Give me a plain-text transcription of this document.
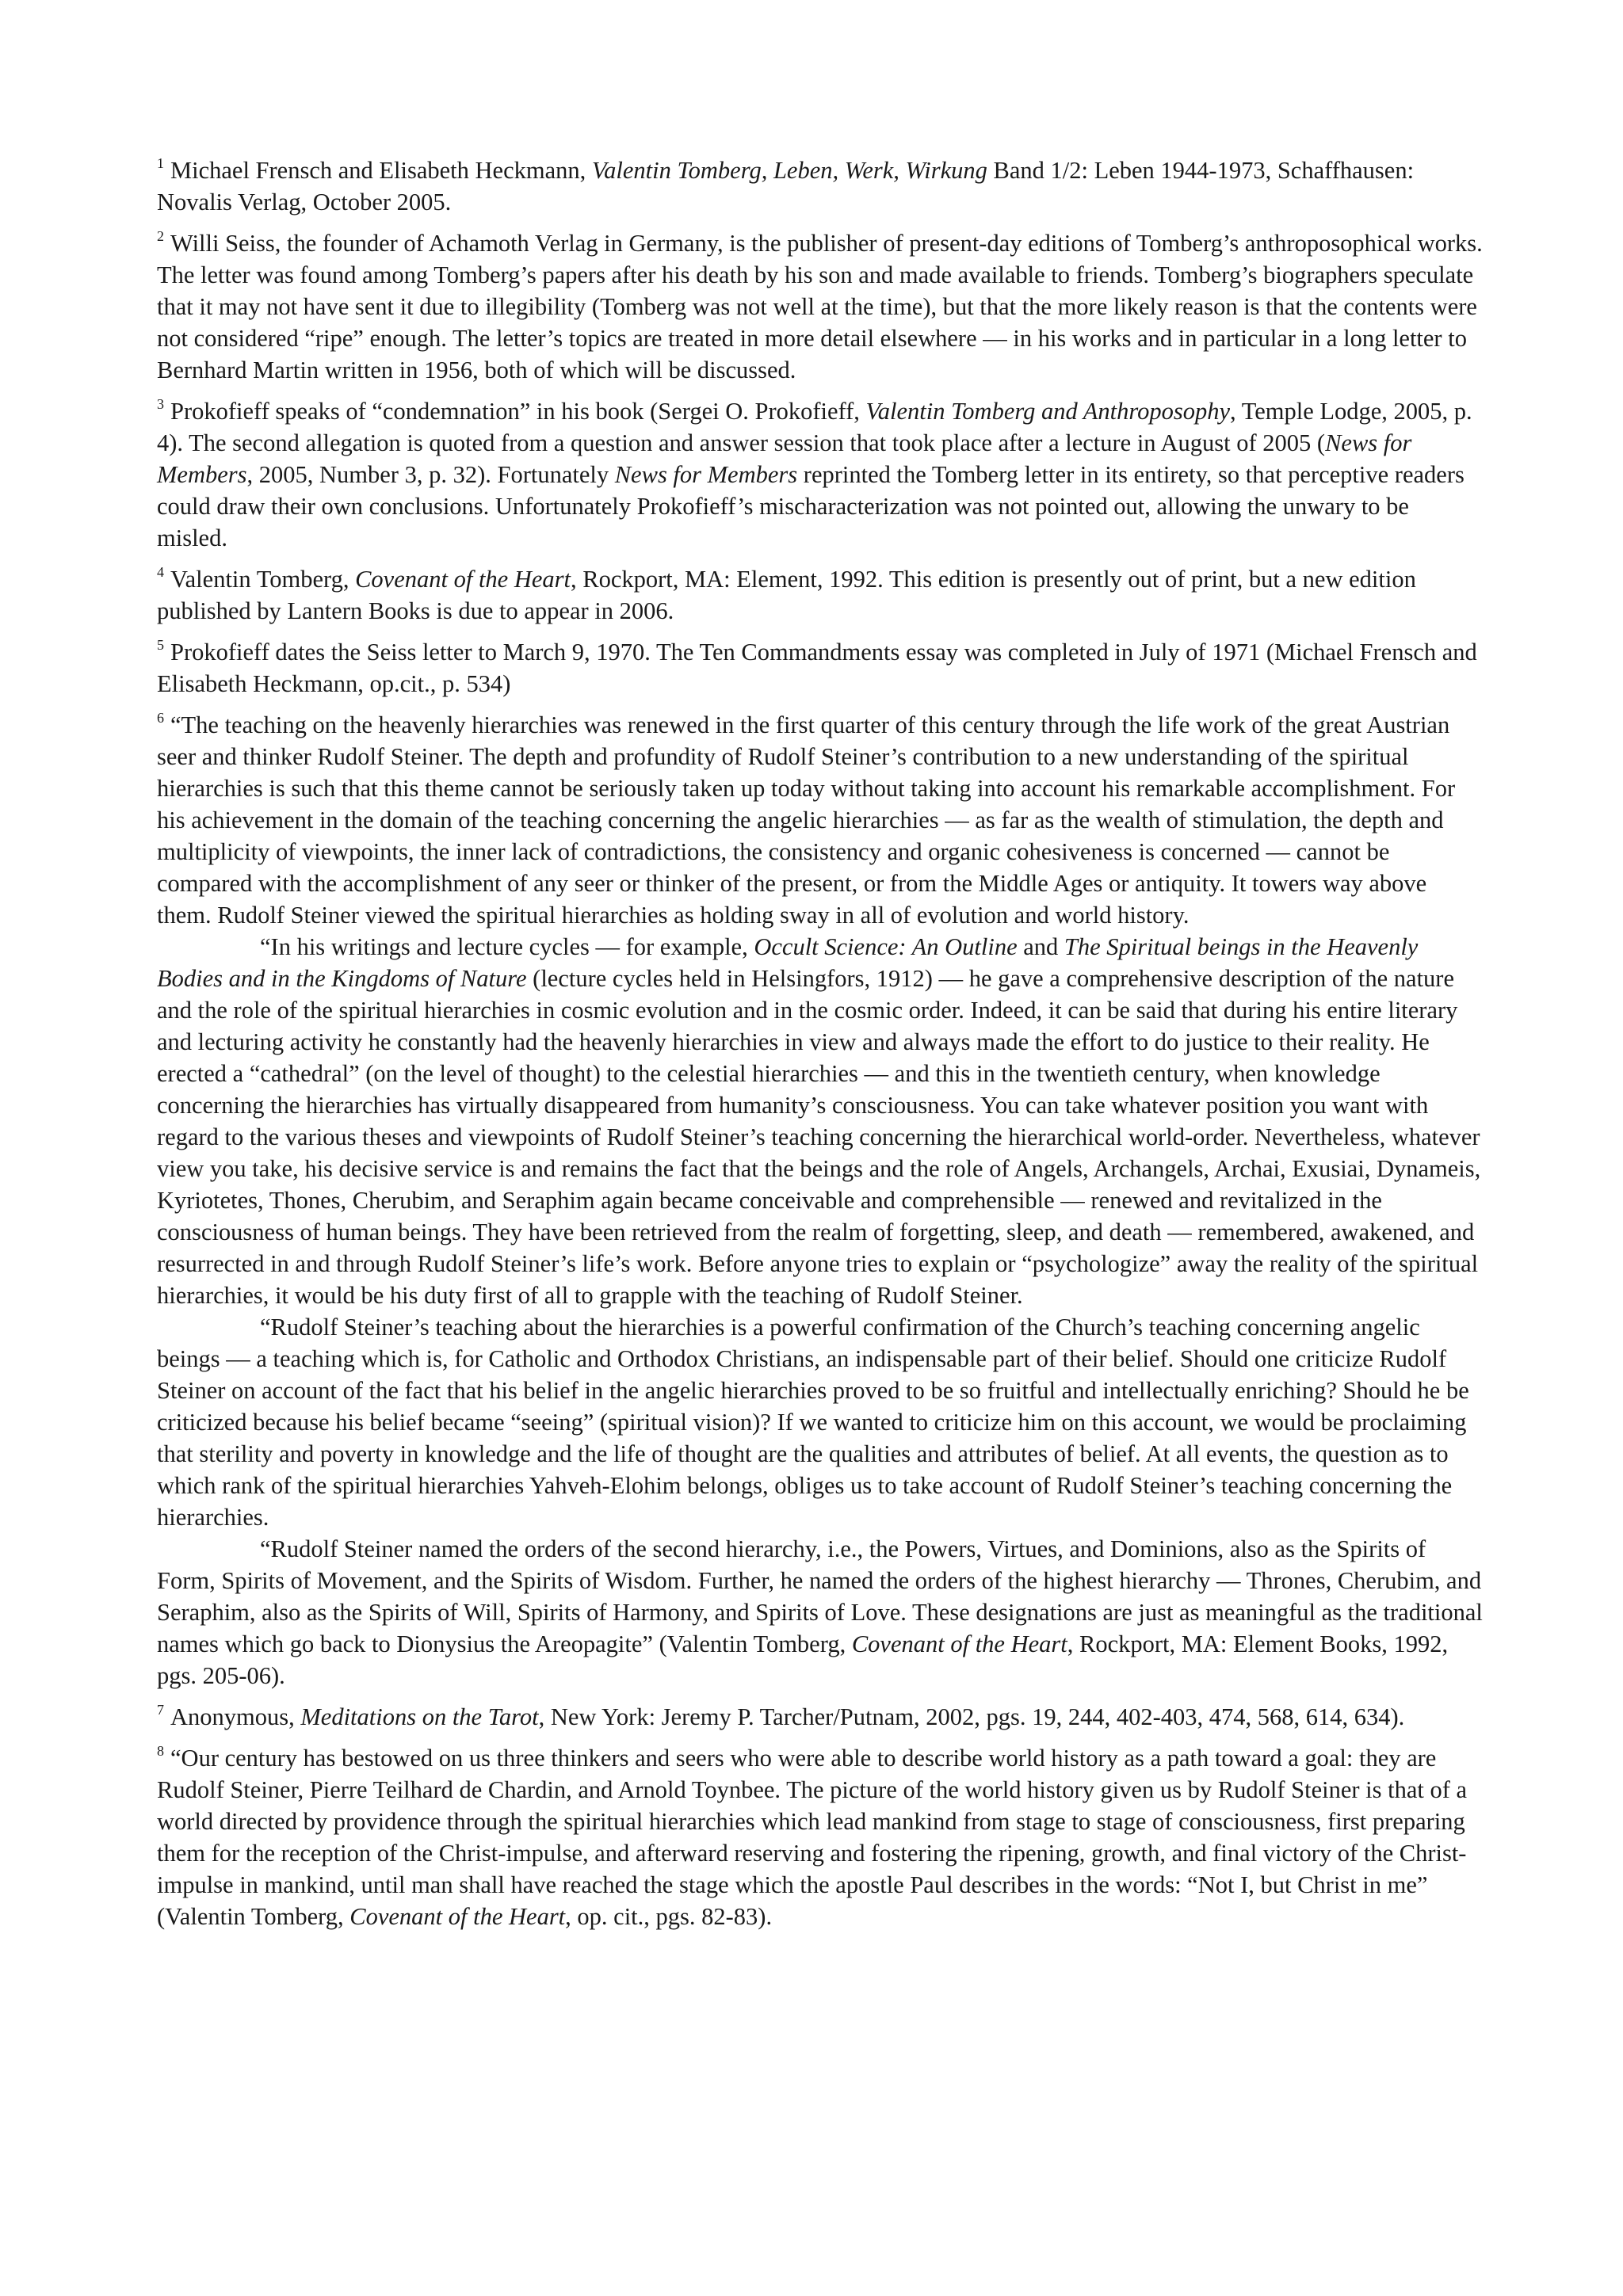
$^1$ Michael Frensch and Elisabeth Heckmann, Valentin Tomberg, Leben, Werk, Wirkung Band 1/2: Leben 1944-1973, Schaffhausen: Novalis Verlag, October 2005.

$^2$ Willi Seiss, the founder of Achamoth Verlag in Germany, is the publisher of present-day editions of Tomberg’s anthroposophical works. The letter was found among Tomberg’s papers after his death by his son and made available to friends. Tomberg’s biographers speculate that it may not have sent it due to illegibility (Tomberg was not well at the time), but that the more likely reason is that the contents were not considered “ripe” enough. The letter’s topics are treated in more detail elsewhere — in his works and in particular in a long letter to Bernhard Martin written in 1956, both of which will be discussed.

$^3$ Prokofieff speaks of “condemnation” in his book (Sergei O. Prokofieff, Valentin Tomberg and Anthroposophy, Temple Lodge, 2005, p. 4). The second allegation is quoted from a question and answer session that took place after a lecture in August of 2005 (News for Members, 2005, Number 3, p. 32). Fortunately News for Members reprinted the Tomberg letter in its entirety, so that perceptive readers could draw their own conclusions. Unfortunately Prokofieff’s mischaracterization was not pointed out, allowing the unwary to be misled.

$^4$ Valentin Tomberg, Covenant of the Heart, Rockport, MA: Element, 1992. This edition is presently out of print, but a new edition published by Lantern Books is due to appear in 2006.

$^5$ Prokofieff dates the Seiss letter to March 9, 1970. The Ten Commandments essay was completed in July of 1971 (Michael Frensch and Elisabeth Heckmann, op.cit., p. 534)

$^6$ “The teaching on the heavenly hierarchies was renewed in the first quarter of this century through the life work of the great Austrian seer and thinker Rudolf Steiner. The depth and profundity of Rudolf Steiner’s contribution to a new understanding of the spiritual hierarchies is such that this theme cannot be seriously taken up today without taking into account his remarkable accomplishment. For his achievement in the domain of the teaching concerning the angelic hierarchies — as far as the wealth of stimulation, the depth and multiplicity of viewpoints, the inner lack of contradictions, the consistency and organic cohesiveness is concerned — cannot be compared with the accomplishment of any seer or thinker of the present, or from the Middle Ages or antiquity. It towers way above them. Rudolf Steiner viewed the spiritual hierarchies as holding sway in all of evolution and world history.

“In his writings and lecture cycles — for example, Occult Science: An Outline and The Spiritual beings in the Heavenly Bodies and in the Kingdoms of Nature (lecture cycles held in Helsingfors, 1912) — he gave a comprehensive description of the nature and the role of the spiritual hierarchies in cosmic evolution and in the cosmic order. Indeed, it can be said that during his entire literary and lecturing activity he constantly had the heavenly hierarchies in view and always made the effort to do justice to their reality. He erected a “cathedral” (on the level of thought) to the celestial hierarchies — and this in the twentieth century, when knowledge concerning the hierarchies has virtually disappeared from humanity’s consciousness. You can take whatever position you want with regard to the various theses and viewpoints of Rudolf Steiner’s teaching concerning the hierarchical world-order. Nevertheless, whatever view you take, his decisive service is and remains the fact that the beings and the role of Angels, Archangels, Archai, Exusiai, Dynameis, Kyriotetes, Thones, Cherubim, and Seraphim again became conceivable and comprehensible — renewed and revitalized in the consciousness of human beings. They have been retrieved from the realm of forgetting, sleep, and death — remembered, awakened, and resurrected in and through Rudolf Steiner’s life’s work. Before anyone tries to explain or “psychologize” away the reality of the spiritual hierarchies, it would be his duty first of all to grapple with the teaching of Rudolf Steiner.

“Rudolf Steiner’s teaching about the hierarchies is a powerful confirmation of the Church’s teaching concerning angelic beings — a teaching which is, for Catholic and Orthodox Christians, an indispensable part of their belief. Should one criticize Rudolf Steiner on account of the fact that his belief in the angelic hierarchies proved to be so fruitful and intellectually enriching? Should he be criticized because his belief became “seeing” (spiritual vision)? If we wanted to criticize him on this account, we would be proclaiming that sterility and poverty in knowledge and the life of thought are the qualities and attributes of belief. At all events, the question as to which rank of the spiritual hierarchies Yahveh-Elohim belongs, obliges us to take account of Rudolf Steiner’s teaching concerning the hierarchies.

“Rudolf Steiner named the orders of the second hierarchy, i.e., the Powers, Virtues, and Dominions, also as the Spirits of Form, Spirits of Movement, and the Spirits of Wisdom. Further, he named the orders of the highest hierarchy — Thrones, Cherubim, and Seraphim, also as the Spirits of Will, Spirits of Harmony, and Spirits of Love. These designations are just as meaningful as the traditional names which go back to Dionysius the Areopagite” (Valentin Tomberg, Covenant of the Heart, Rockport, MA: Element Books, 1992, pgs. 205-06).

$^7$ Anonymous, Meditations on the Tarot, New York: Jeremy P. Tarcher/Putnam, 2002, pgs. 19, 244, 402-403, 474, 568, 614, 634).

$^8$ “Our century has bestowed on us three thinkers and seers who were able to describe world history as a path toward a goal: they are Rudolf Steiner, Pierre Teilhard de Chardin, and Arnold Toynbee. The picture of the world history given us by Rudolf Steiner is that of a world directed by providence through the spiritual hierarchies which lead mankind from stage to stage of consciousness, first preparing them for the reception of the Christ-impulse, and afterward reserving and fostering the ripening, growth, and final victory of the Christ-impulse in mankind, until man shall have reached the stage which the apostle Paul describes in the words: “Not I, but Christ in me” (Valentin Tomberg, Covenant of the Heart, op. cit., pgs. 82-83).
